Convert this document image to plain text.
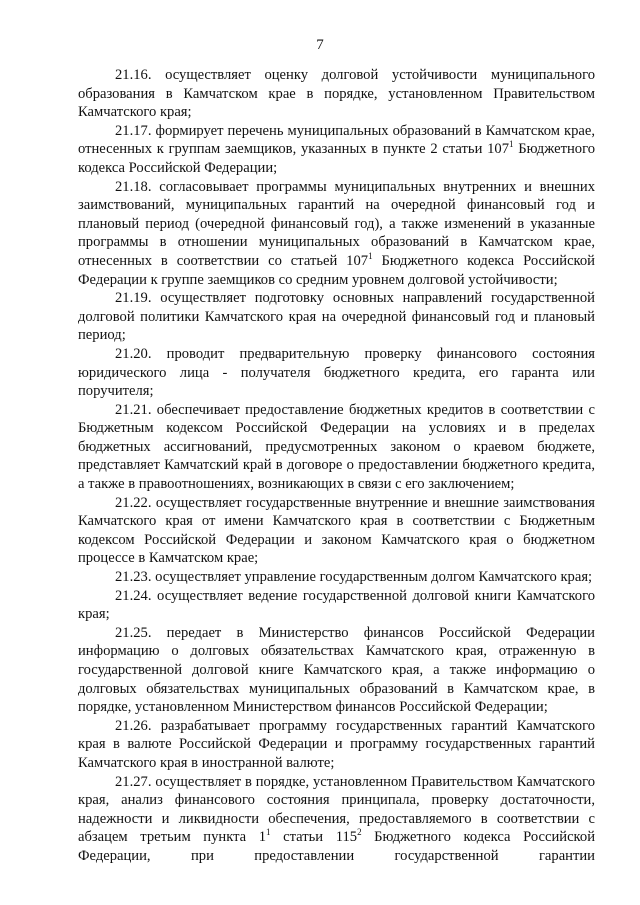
7

21.16. осуществляет оценку долговой устойчивости муниципального образования в Камчатском крае в порядке, установленном Правительством Камчатского края;

21.17. формирует перечень муниципальных образований в Камчатском крае, отнесенных к группам заемщиков, указанных в пункте 2 статьи $107^1$ Бюджетного кодекса Российской Федерации;

21.18. согласовывает программы муниципальных внутренних и внешних заимствований, муниципальных гарантий на очередной финансовый год и плановый период (очередной финансовый год), а также изменений в указанные программы в отношении муниципальных образований в Камчатском крае, отнесенных в соответствии со статьей $107^1$ Бюджетного кодекса Российской Федерации к группе заемщиков со средним уровнем долговой устойчивости;

21.19. осуществляет подготовку основных направлений государственной долговой политики Камчатского края на очередной финансовый год и плановый период;

21.20. проводит предварительную проверку финансового состояния юридического лица - получателя бюджетного кредита, его гаранта или поручителя;

21.21. обеспечивает предоставление бюджетных кредитов в соответствии с Бюджетным кодексом Российской Федерации на условиях и в пределах бюджетных ассигнований, предусмотренных законом о краевом бюджете, представляет Камчатский край в договоре о предоставлении бюджетного кредита, а также в правоотношениях, возникающих в связи с его заключением;

21.22. осуществляет государственные внутренние и внешние заимствования Камчатского края от имени Камчатского края в соответствии с Бюджетным кодексом Российской Федерации и законом Камчатского края о бюджетном процессе в Камчатском крае;

21.23. осуществляет управление государственным долгом Камчатского края;

21.24. осуществляет ведение государственной долговой книги Камчатского края;

21.25. передает в Министерство финансов Российской Федерации информацию о долговых обязательствах Камчатского края, отраженную в государственной долговой книге Камчатского края, а также информацию о долговых обязательствах муниципальных образований в Камчатском крае, в порядке, установленном Министерством финансов Российской Федерации;

21.26. разрабатывает программу государственных гарантий Камчатского края в валюте Российской Федерации и программу государственных гарантий Камчатского края в иностранной валюте;

21.27. осуществляет в порядке, установленном Правительством Камчатского края, анализ финансового состояния принципала, проверку достаточности, надежности и ликвидности обеспечения, предоставляемого в соответствии с абзацем третьим пункта $1^1$ статьи $115^2$ Бюджетного кодекса Российской Федерации, при предоставлении государственной гарантии
